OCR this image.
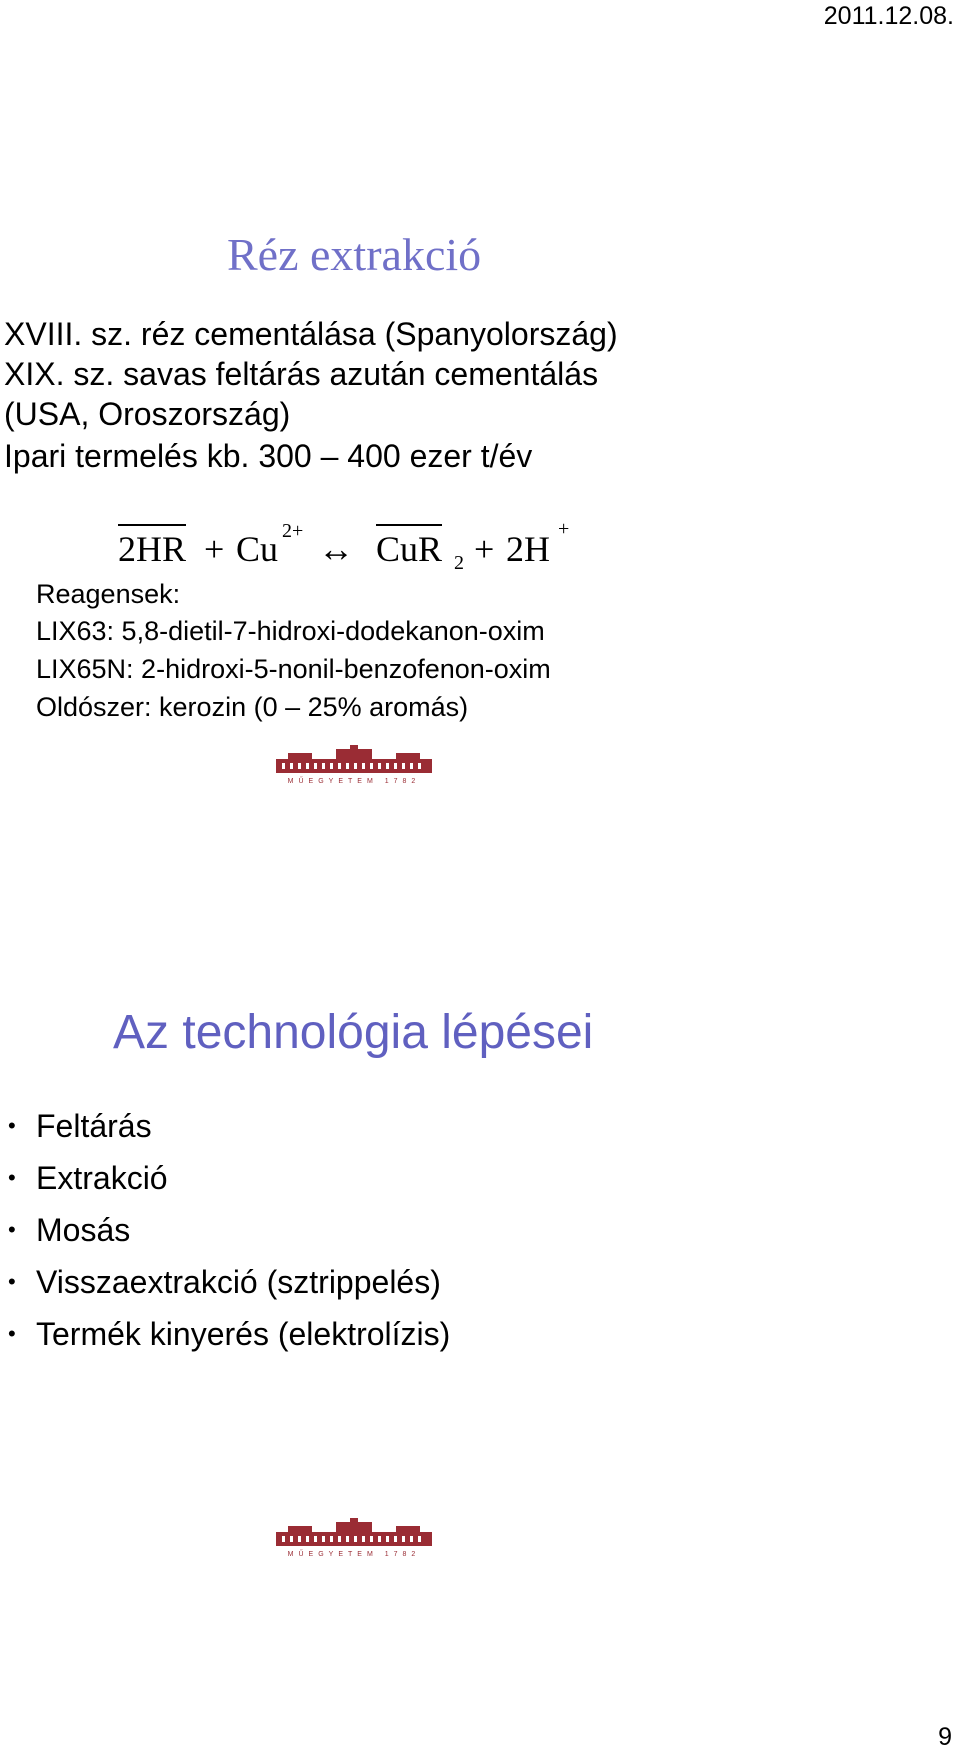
2011.12.08.
Réz extrakció

XVIII. sz. réz cementálása (Spanyolország)

XIX. sz. savas feltárás azután cementálás

(USA, Oroszország)

Ipari termelés kb. 300 – 400 ezer t/év

2HR + Cu 2+ ↔ CuR 2 + 2H +

Reagensek:

LIX63: 5,8-dietil-7-hidroxi-dodekanon-oxim

LIX65N: 2-hidroxi-5-nonil-benzofenon-oxim

Oldószer: kerozin (0 – 25% aromás)

MŰEGYETEM 1782
Az technológia lépései
• Feltárás
• Extrakció
• Mosás
• Visszaextrakció (sztrippelés)
• Termék kinyerés (elektrolízis)
MŰEGYETEM 1782
9
